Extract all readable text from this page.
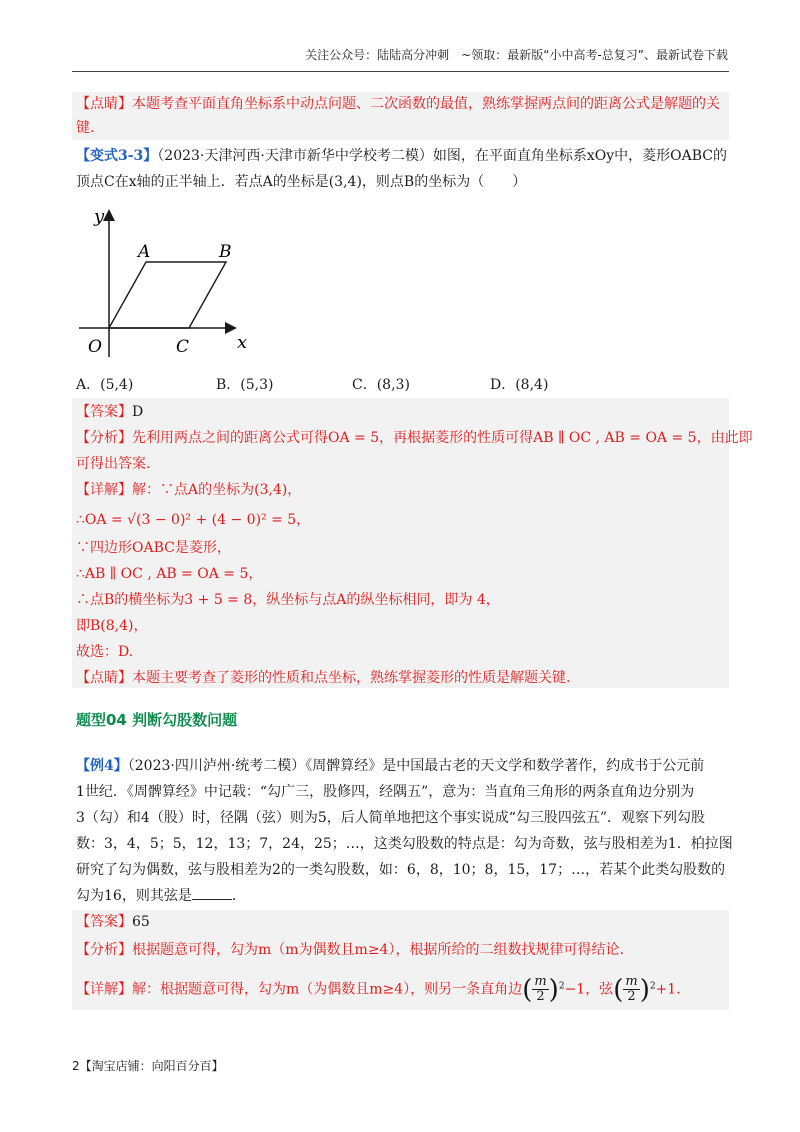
关注公众号：陆陆高分冲刺　~领取：最新版“小中高考-总复习”、最新试卷下载
【点睛】本题考查平面直角坐标系中动点问题、二次函数的最值，熟练掌握两点间的距离公式是解题的关
键.
【变式3-3】（2023·天津河西·天津市新华中学校考二模）如图，在平面直角坐标系xOy中，菱形OABC的
顶点C在x轴的正半轴上．若点A的坐标是(3,4)，则点B的坐标为（　　）
y
x
O
A	B
C
A．(5,4)	B．(5,3)	C．(8,3)	D．(8,4)
【答案】D
【分析】先利用两点之间的距离公式可得OA = 5，再根据菱形的性质可得AB ∥ OC , AB = OA = 5，由此即
可得出答案.
【详解】解：∵点A的坐标为(3,4)，
∴OA = √(3 − 0)² + (4 − 0)² = 5，
∵四边形OABC是菱形，
∴AB ∥ OC , AB = OA = 5，
∴点B的横坐标为3 + 5 = 8，纵坐标与点A的纵坐标相同，即为 4，
即B(8,4)，
故选：D.
【点睛】本题主要考查了菱形的性质和点坐标，熟练掌握菱形的性质是解题关键.
题型04 判断勾股数问题
【例4】（2023·四川泸州·统考二模）《周髀算经》是中国最古老的天文学和数学著作，约成书于公元前
1世纪．《周髀算经》中记载：“勾广三，股修四，经隅五”，意为：当直角三角形的两条直角边分别为
3（勾）和4（股）时，径隅（弦）则为5，后人简单地把这个事实说成“勾三股四弦五”．观察下列勾股
数：3，4，5；5，12，13；7，24，25；…，这类勾股数的特点是：勾为奇数，弦与股相差为1．柏拉图
研究了勾为偶数，弦与股相差为2的一类勾股数，如：6，8，10；8，15，17；…，若某个此类勾股数的
勾为16，则其弦是	．
【答案】65
【分析】根据题意可得，勾为m（m为偶数且m≥4），根据所给的二组数找规律可得结论.
【详解】解：根据题意可得，勾为m（为偶数且m≥4），则另一条直角边( $\frac{m}{2} )^2-1$，弦( $\frac{m}{2} )^2+1$.
2【淘宝店铺：向阳百分百】
